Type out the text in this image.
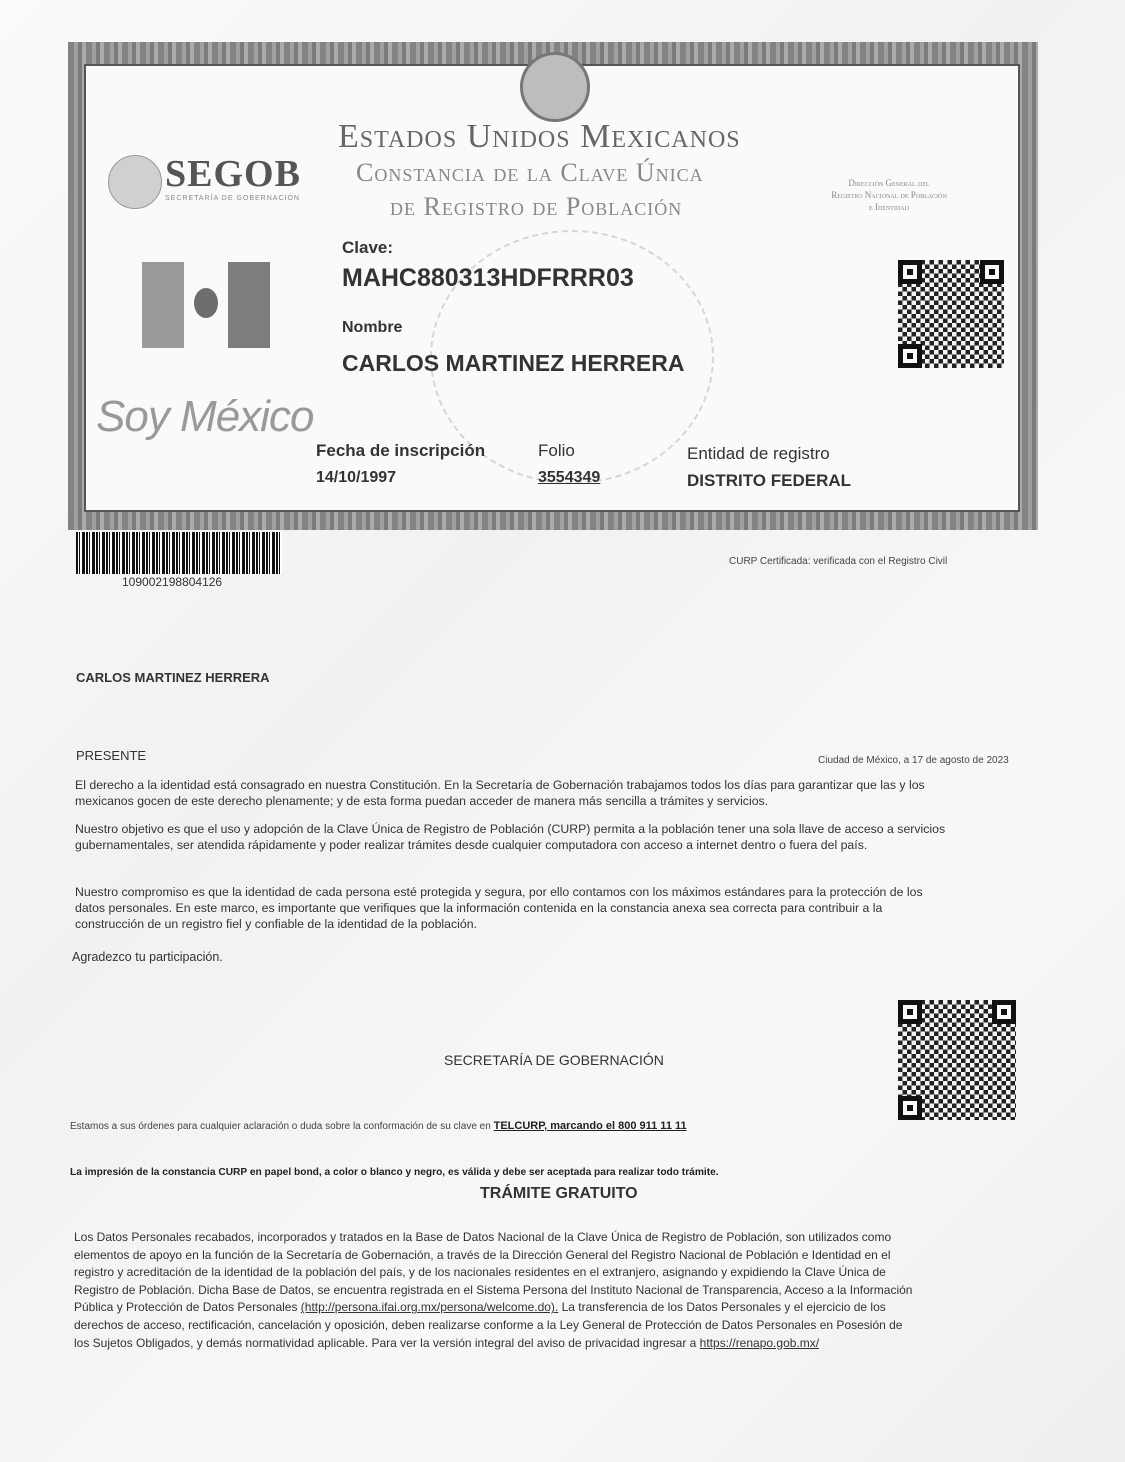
SEGOB
SECRETARÍA DE GOBERNACIÓN
Estados Unidos Mexicanos
Constancia de la Clave Única
de Registro de Población
Dirección General del
Registro Nacional de Población
e Identidad
Clave:
MAHC880313HDFRRR03
Nombre
CARLOS MARTINEZ HERRERA
Soy México
Fecha de inscripción
14/10/1997
Folio
3554349
Entidad de registro
DISTRITO FEDERAL
109002198804126
CURP Certificada: verificada con el Registro Civil
CARLOS MARTINEZ HERRERA
PRESENTE	Ciudad de México, a 17 de agosto de 2023
El derecho a la identidad está consagrado en nuestra Constitución. En la Secretaría de Gobernación trabajamos todos los días para garantizar que las y los
mexicanos gocen de este derecho plenamente; y de esta forma puedan acceder de manera más sencilla a trámites y servicios.
Nuestro objetivo es que el uso y adopción de la Clave Única de Registro de Población (CURP) permita a la población tener una sola llave de acceso a servicios
gubernamentales, ser atendida rápidamente y poder realizar trámites desde cualquier computadora con acceso a internet dentro o fuera del país.
Nuestro compromiso es que la identidad de cada persona esté protegida y segura, por ello contamos con los máximos estándares para la protección de los
datos personales. En este marco, es importante que verifiques que la información contenida en la constancia anexa sea correcta para contribuir a la
construcción de un registro fiel y confiable de la identidad de la población.
Agradezco tu participación.
SECRETARÍA DE GOBERNACIÓN
Estamos a sus órdenes para cualquier aclaración o duda sobre la conformación de su clave en TELCURP, marcando el 800 911 11 11
La impresión de la constancia CURP en papel bond, a color o blanco y negro, es válida y debe ser aceptada para realizar todo trámite.
TRÁMITE GRATUITO
Los Datos Personales recabados, incorporados y tratados en la Base de Datos Nacional de la Clave Única de Registro de Población, son utilizados como
elementos de apoyo en la función de la Secretaría de Gobernación, a través de la Dirección General del Registro Nacional de Población e Identidad en el
registro y acreditación de la identidad de la población del país, y de los nacionales residentes en el extranjero, asignando y expidiendo la Clave Única de
Registro de Población. Dicha Base de Datos, se encuentra registrada en el Sistema Persona del Instituto Nacional de Transparencia, Acceso a la Información
Pública y Protección de Datos Personales (http://persona.ifai.org.mx/persona/welcome.do). La transferencia de los Datos Personales y el ejercicio de los
derechos de acceso, rectificación, cancelación y oposición, deben realizarse conforme a la Ley General de Protección de Datos Personales en Posesión de
los Sujetos Obligados, y demás normatividad aplicable. Para ver la versión integral del aviso de privacidad ingresar a https://renapo.gob.mx/
